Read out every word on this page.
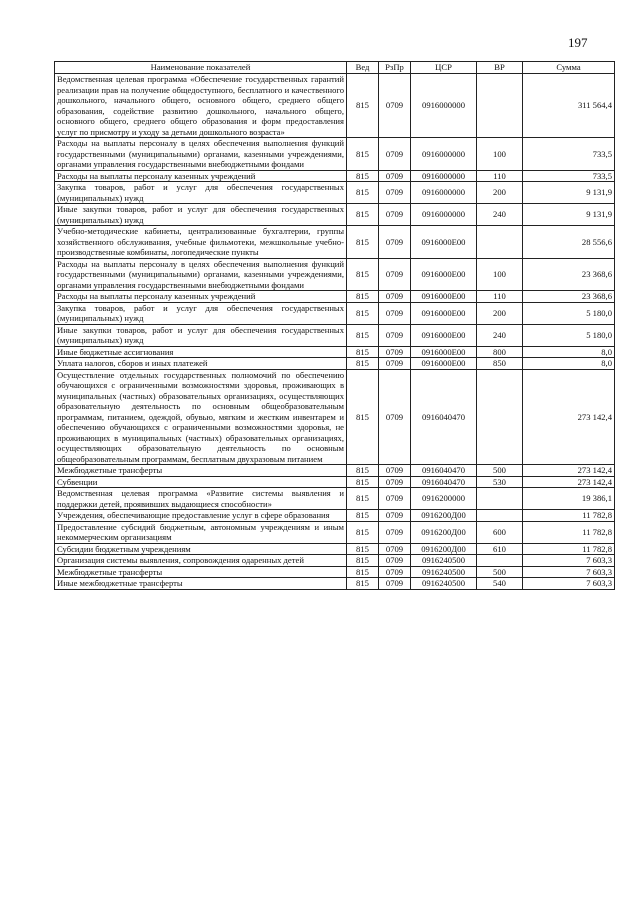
197
Наименование показателей	Вед	РзПр	ЦСР	ВР	Сумма
Ведомственная целевая программа «Обеспечение государственных гарантий реализации прав на получение общедоступного, бесплатного и качественного дошкольного, начального общего, основного общего, среднего общего образования, содействие развитию дошкольного, начального общего, основного общего, среднего общего образования и форм предоставления услуг по присмотру и уходу за детьми дошкольного возраста»	815	0709	0916000000		311 564,4
Расходы на выплаты персоналу в целях обеспечения выполнения функций государственными (муниципальными) органами, казенными учреждениями, органами управления государственными внебюджетными фондами	815	0709	0916000000	100	733,5
Расходы на выплаты персоналу казенных учреждений	815	0709	0916000000	110	733,5
Закупка товаров, работ и услуг для обеспечения государственных (муниципальных) нужд	815	0709	0916000000	200	9 131,9
Иные закупки товаров, работ и услуг для обеспечения государственных (муниципальных) нужд	815	0709	0916000000	240	9 131,9
Учебно-методические кабинеты, централизованные бухгалтерии, группы хозяйственного обслуживания, учебные фильмотеки, межшкольные учебно-производственные комбинаты, логопедические пункты	815	0709	0916000Е00		28 556,6
Расходы на выплаты персоналу в целях обеспечения выполнения функций государственными (муниципальными) органами, казенными учреждениями, органами управления государственными внебюджетными фондами	815	0709	0916000Е00	100	23 368,6
Расходы на выплаты персоналу казенных учреждений	815	0709	0916000Е00	110	23 368,6
Закупка товаров, работ и услуг для обеспечения государственных (муниципальных) нужд	815	0709	0916000Е00	200	5 180,0
Иные закупки товаров, работ и услуг для обеспечения государственных (муниципальных) нужд	815	0709	0916000Е00	240	5 180,0
Иные бюджетные ассигнования	815	0709	0916000Е00	800	8,0
Уплата налогов, сборов и иных платежей	815	0709	0916000Е00	850	8,0
Осуществление отдельных государственных полномочий по обеспечению обучающихся с ограниченными возможностями здоровья, проживающих в муниципальных (частных) образовательных организациях, осуществляющих образовательную деятельность по основным общеобразовательным программам, питанием, одеждой, обувью, мягким и жестким инвентарем и обеспечению обучающихся с ограниченными возможностями здоровья, не проживающих в муниципальных (частных) образовательных организациях, осуществляющих образовательную деятельность по основным общеобразовательным программам, бесплатным двухразовым питанием	815	0709	0916040470		273 142,4
Межбюджетные трансферты	815	0709	0916040470	500	273 142,4
Субвенции	815	0709	0916040470	530	273 142,4
Ведомственная целевая программа «Развитие системы выявления и поддержки детей, проявивших выдающиеся способности»	815	0709	0916200000		19 386,1
Учреждения, обеспечивающие предоставление услуг в сфере образования	815	0709	0916200Д00		11 782,8
Предоставление субсидий бюджетным, автономным учреждениям и иным некоммерческим организациям	815	0709	0916200Д00	600	11 782,8
Субсидии бюджетным учреждениям	815	0709	0916200Д00	610	11 782,8
Организация системы выявления, сопровождения одаренных детей	815	0709	0916240500		7 603,3
Межбюджетные трансферты	815	0709	0916240500	500	7 603,3
Иные межбюджетные трансферты	815	0709	0916240500	540	7 603,3
